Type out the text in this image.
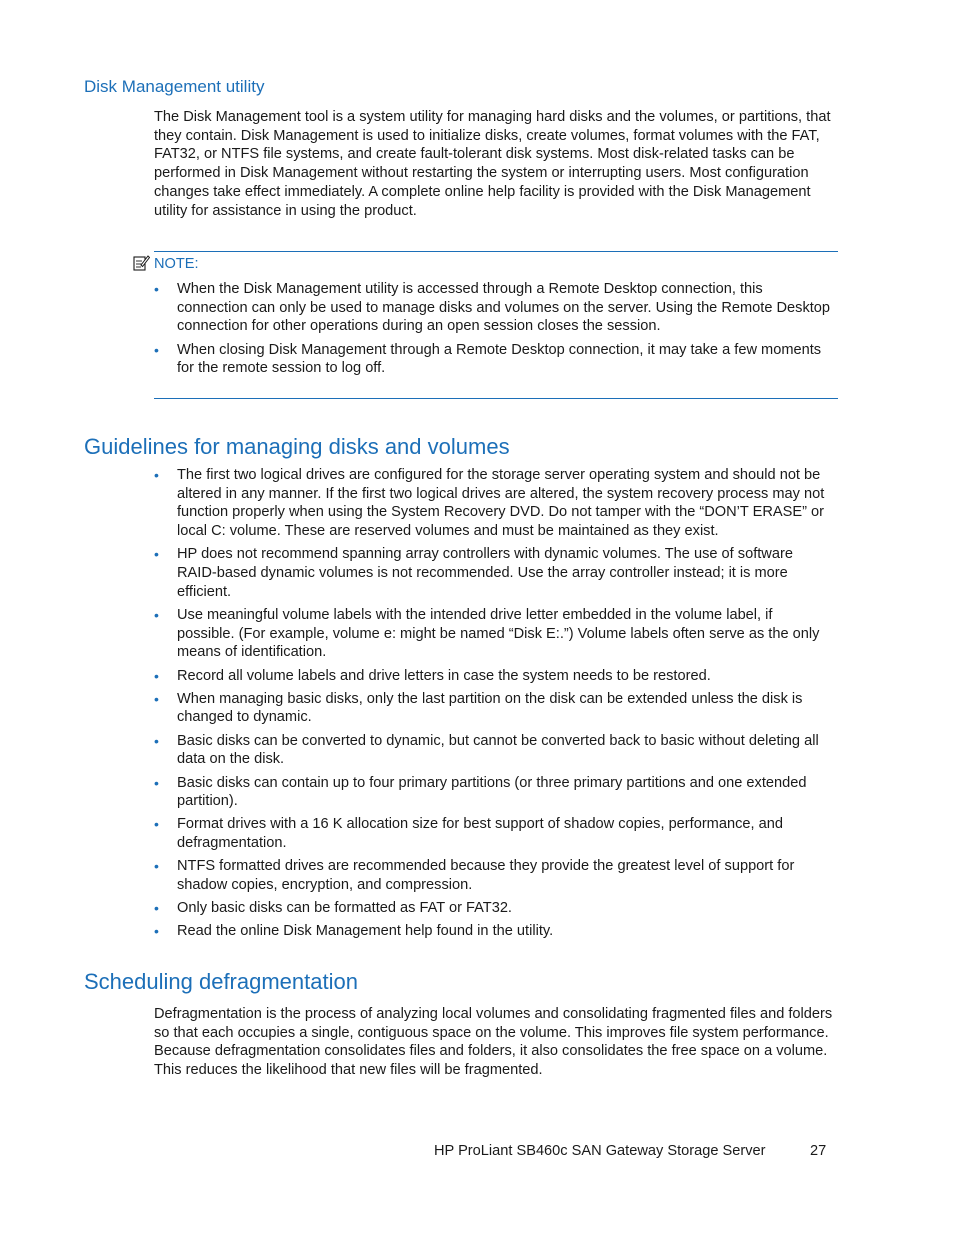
Disk Management utility

The Disk Management tool is a system utility for managing hard disks and the volumes, or partitions, that they contain. Disk Management is used to initialize disks, create volumes, format volumes with the FAT, FAT32, or NTFS file systems, and create fault-tolerant disk systems. Most disk-related tasks can be performed in Disk Management without restarting the system or interrupting users. Most configuration changes take effect immediately. A complete online help facility is provided with the Disk Management utility for assistance in using the product.

NOTE:
• When the Disk Management utility is accessed through a Remote Desktop connection, this connection can only be used to manage disks and volumes on the server. Using the Remote Desktop connection for other operations during an open session closes the session.
• When closing Disk Management through a Remote Desktop connection, it may take a few moments for the remote session to log off.
Guidelines for managing disks and volumes
• The first two logical drives are configured for the storage server operating system and should not be altered in any manner. If the first two logical drives are altered, the system recovery process may not function properly when using the System Recovery DVD. Do not tamper with the “DON’T ERASE” or local C: volume. These are reserved volumes and must be maintained as they exist.
• HP does not recommend spanning array controllers with dynamic volumes. The use of software RAID-based dynamic volumes is not recommended. Use the array controller instead; it is more efficient.
• Use meaningful volume labels with the intended drive letter embedded in the volume label, if possible. (For example, volume e: might be named “Disk E:.”) Volume labels often serve as the only means of identification.
• Record all volume labels and drive letters in case the system needs to be restored.
• When managing basic disks, only the last partition on the disk can be extended unless the disk is changed to dynamic.
• Basic disks can be converted to dynamic, but cannot be converted back to basic without deleting all data on the disk.
• Basic disks can contain up to four primary partitions (or three primary partitions and one extended partition).
• Format drives with a 16 K allocation size for best support of shadow copies, performance, and defragmentation.
• NTFS formatted drives are recommended because they provide the greatest level of support for shadow copies, encryption, and compression.
• Only basic disks can be formatted as FAT or FAT32.
• Read the online Disk Management help found in the utility.
Scheduling defragmentation

Defragmentation is the process of analyzing local volumes and consolidating fragmented files and folders so that each occupies a single, contiguous space on the volume. This improves file system performance. Because defragmentation consolidates files and folders, it also consolidates the free space on a volume. This reduces the likelihood that new files will be fragmented.

HP ProLiant SB460c SAN Gateway Storage Server	27
